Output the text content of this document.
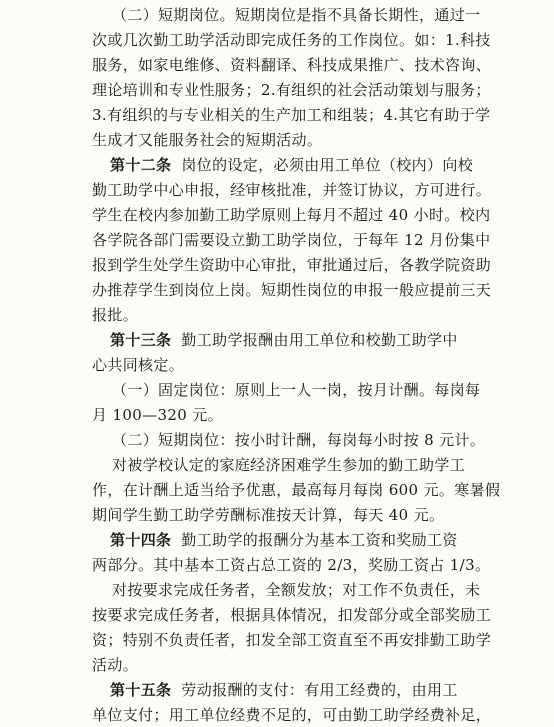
（二）短期岗位。短期岗位是指不具备长期性，通过一
次或几次勤工助学活动即完成任务的工作岗位。如：1.科技
服务，如家电维修、资料翻译、科技成果推广、技术咨询、
理论培训和专业性服务；2.有组织的社会活动策划与服务；
3.有组织的与专业相关的生产加工和组装；4.其它有助于学
生成才又能服务社会的短期活动。
第十二条 岗位的设定，必须由用工单位（校内）向校
勤工助学中心申报，经审核批准，并签订协议，方可进行。
学生在校内参加勤工助学原则上每月不超过 40 小时。校内
各学院各部门需要设立勤工助学岗位，于每年 12 月份集中
报到学生处学生资助中心审批，审批通过后，各教学院资助
办推荐学生到岗位上岗。短期性岗位的申报一般应提前三天
报批。
第十三条 勤工助学报酬由用工单位和校勤工助学中
心共同核定。
（一）固定岗位：原则上一人一岗，按月计酬。每岗每
月 100—320 元。
（二）短期岗位：按小时计酬，每岗每小时按 8 元计。
对被学校认定的家庭经济困难学生参加的勤工助学工
作，在计酬上适当给予优惠，最高每月每岗 600 元。寒暑假
期间学生勤工助学劳酬标准按天计算，每天 40 元。
第十四条 勤工助学的报酬分为基本工资和奖励工资
两部分。其中基本工资占总工资的 2/3，奖励工资占 1/3。
对按要求完成任务者，全额发放；对工作不负责任，未
按要求完成任务者，根据具体情况，扣发部分或全部奖励工
资；特别不负责任者，扣发全部工资直至不再安排勤工助学
活动。
第十五条 劳动报酬的支付：有用工经费的，由用工
单位支付；用工单位经费不足的，可由勤工助学经费补足，
